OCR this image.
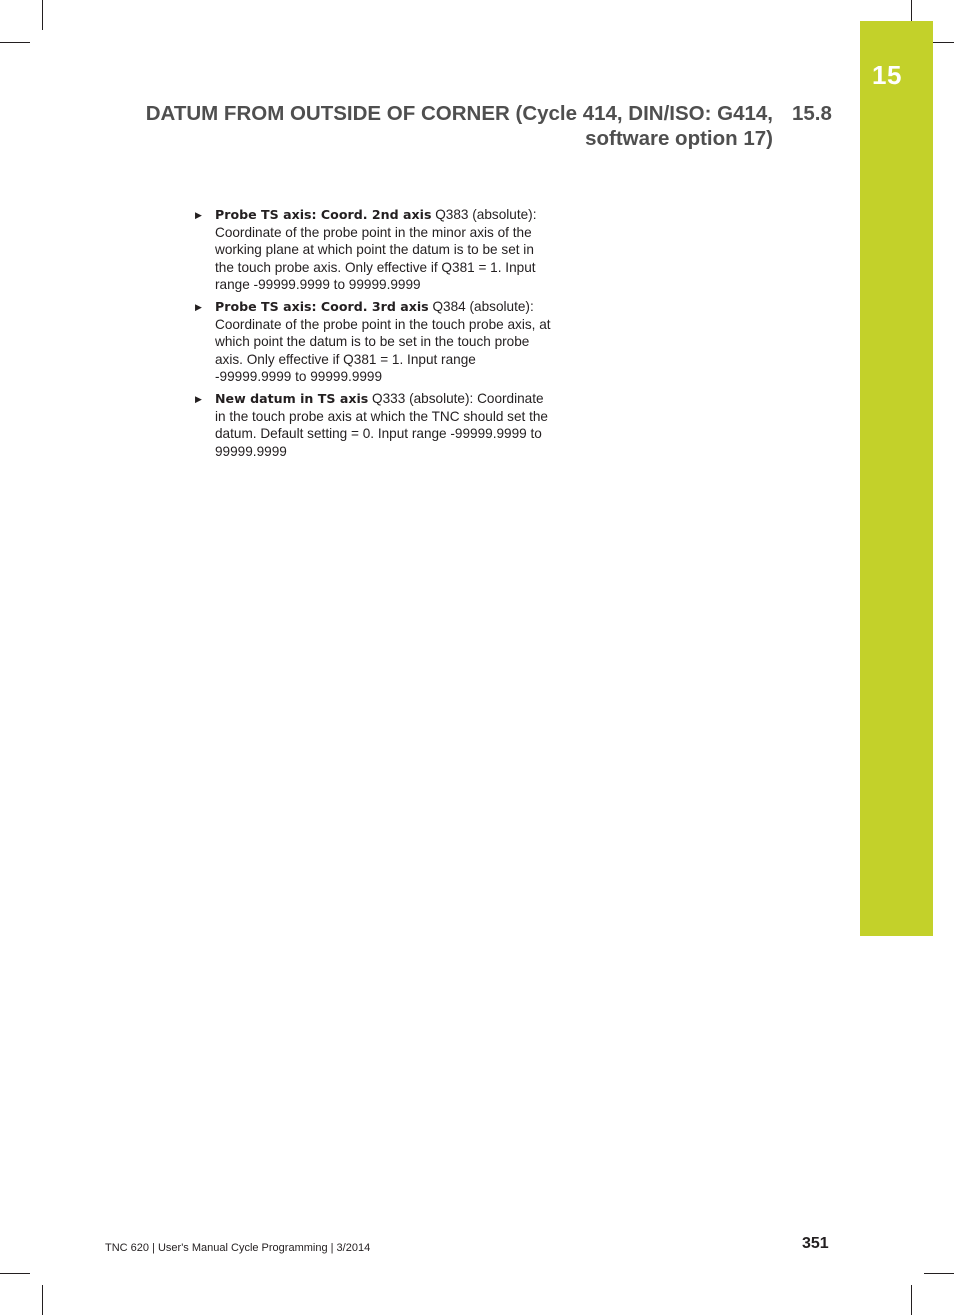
15
DATUM FROM OUTSIDE OF CORNER (Cycle 414, DIN/ISO: G414,
software option 17)
15.8
▶ Probe TS axis: Coord. 2nd axis Q383 (absolute): Coordinate of the probe point in the minor axis of the working plane at which point the datum is to be set in the touch probe axis. Only effective if Q381 = 1. Input range -99999.9999 to 99999.9999
▶ Probe TS axis: Coord. 3rd axis Q384 (absolute): Coordinate of the probe point in the touch probe axis, at which point the datum is to be set in the touch probe axis. Only effective if Q381 = 1. Input range -99999.9999 to 99999.9999
▶ New datum in TS axis Q333 (absolute): Coordinate in the touch probe axis at which the TNC should set the datum. Default setting = 0. Input range -99999.9999 to 99999.9999
TNC 620 | User's Manual Cycle Programming | 3/2014	351
